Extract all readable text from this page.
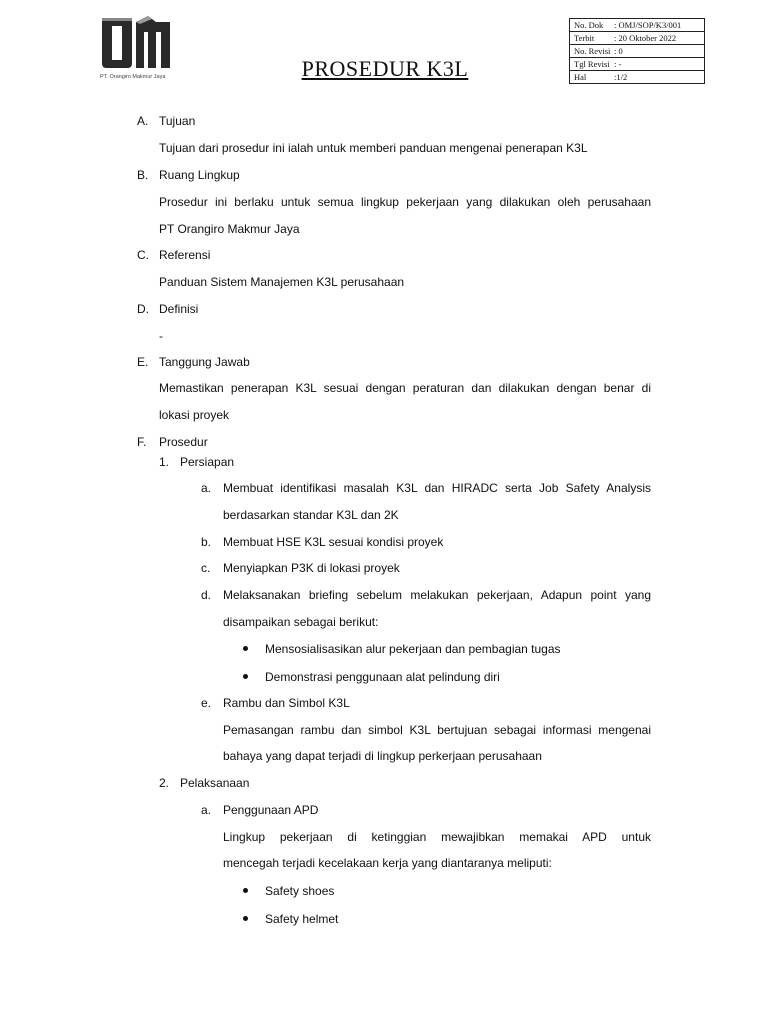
PT. Orangiro Makmur Jaya	PROSEDUR K3L
No. Dok : OMJ/SOP/K3/001
Terbit : 20 Oktober 2022
No. Revisi : 0
Tgl Revisi : -
Hal	:1/2
A. Tujuan
Tujuan dari prosedur ini ialah untuk memberi panduan mengenai penerapan K3L
B. Ruang Lingkup
Prosedur ini berlaku untuk semua lingkup pekerjaan yang dilakukan oleh perusahaan
PT Orangiro Makmur Jaya
C. Referensi
Panduan Sistem Manajemen K3L perusahaan
D. Definisi
-
E. Tanggung Jawab
Memastikan penerapan K3L sesuai dengan peraturan dan dilakukan dengan benar di
lokasi proyek
F. Prosedur
1. Persiapan
a. Membuat identifikasi masalah K3L dan HIRADC serta Job Safety Analysis
berdasarkan standar K3L dan 2K
b. Membuat HSE K3L sesuai kondisi proyek
c. Menyiapkan P3K di lokasi proyek
d. Melaksanakan briefing sebelum melakukan pekerjaan, Adapun point yang
disampaikan sebagai berikut:
Mensosialisasikan alur pekerjaan dan pembagian tugas
Demonstrasi penggunaan alat pelindung diri
e. Rambu dan Simbol K3L
Pemasangan rambu dan simbol K3L bertujuan sebagai informasi mengenai
bahaya yang dapat terjadi di lingkup perkerjaan perusahaan
2. Pelaksanaan
a. Penggunaan APD
Lingkup pekerjaan di ketinggian mewajibkan memakai APD untuk
mencegah terjadi kecelakaan kerja yang diantaranya meliputi:
Safety shoes
Safety helmet
